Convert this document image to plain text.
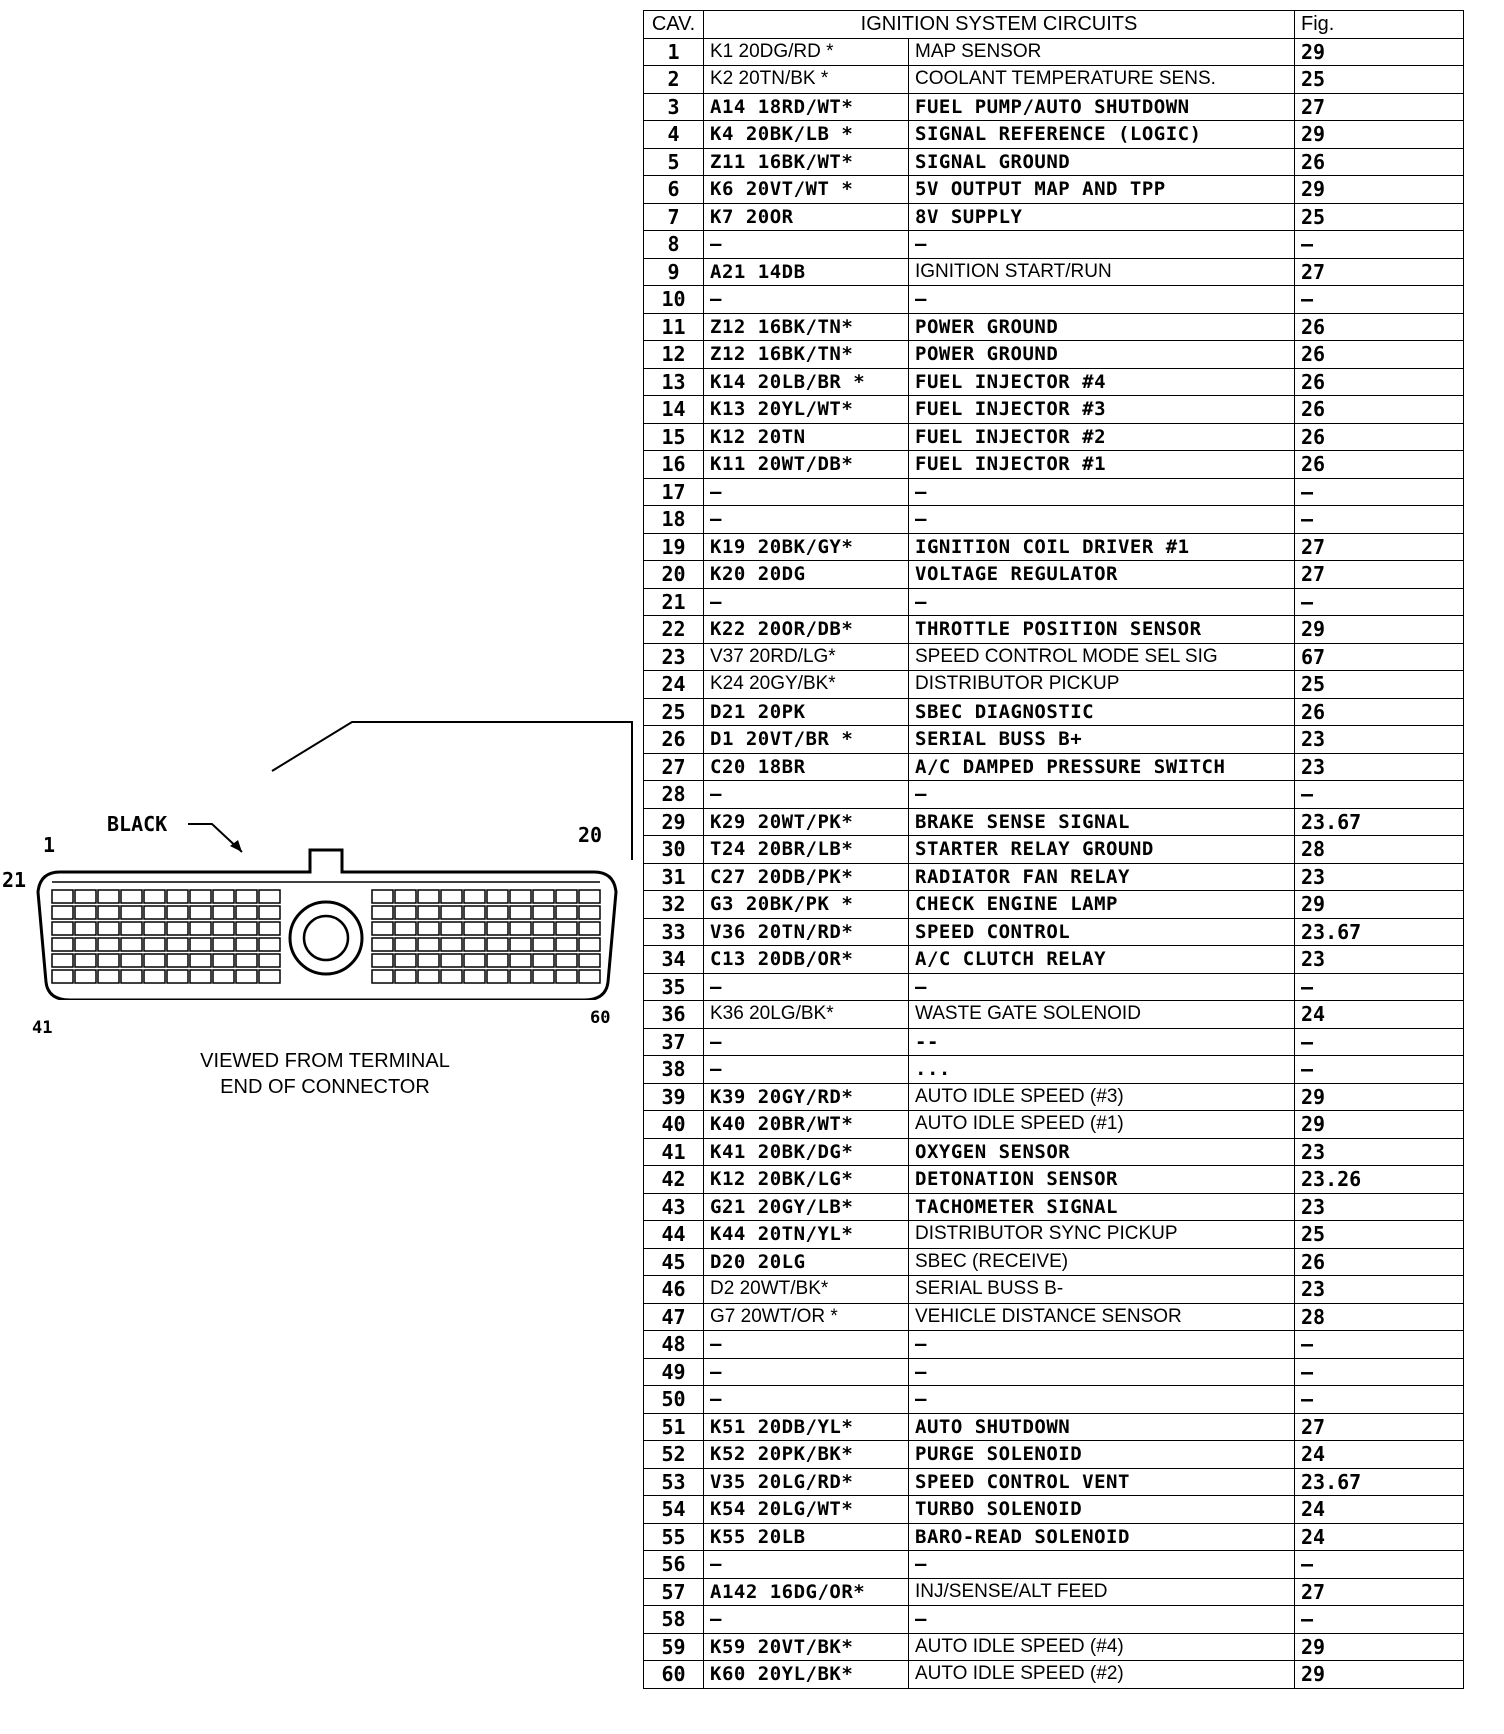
BLACK
1	20
21
41	60
VIEWED FROM TERMINAL
END OF CONNECTOR
CAV.	IGNITION SYSTEM CIRCUITS		Fig.
1	K1 20DG/RD *	MAP SENSOR	29
2	K2 20TN/BK *	COOLANT TEMPERATURE SENS.	25
3	A14 18RD/WT*	FUEL PUMP/AUTO SHUTDOWN	27
4	K4 20BK/LB *	SIGNAL REFERENCE (LOGIC)	29
5	Z11 16BK/WT*	SIGNAL GROUND	26
6	K6 20VT/WT *	5V OUTPUT MAP AND TPP	29
7	K7 20OR	8V SUPPLY	25
8	—	—	—
9	A21 14DB	IGNITION START/RUN	27
10	—	—	—
11	Z12 16BK/TN*	POWER GROUND	26
12	Z12 16BK/TN*	POWER GROUND	26
13	K14 20LB/BR *	FUEL INJECTOR #4	26
14	K13 20YL/WT*	FUEL INJECTOR #3	26
15	K12 20TN	FUEL INJECTOR #2	26
16	K11 20WT/DB*	FUEL INJECTOR #1	26
17	—	—	—
18	—	—	—
19	K19 20BK/GY*	IGNITION COIL DRIVER #1	27
20	K20 20DG	VOLTAGE REGULATOR	27
21	—	—	—
22	K22 20OR/DB*	THROTTLE POSITION SENSOR	29
23	V37 20RD/LG*	SPEED CONTROL MODE SEL SIG	67
24	K24 20GY/BK*	DISTRIBUTOR PICKUP	25
25	D21 20PK	SBEC DIAGNOSTIC	26
26	D1 20VT/BR *	SERIAL BUSS B+	23
27	C20 18BR	A/C DAMPED PRESSURE SWITCH	23
28	—	—	—
29	K29 20WT/PK*	BRAKE SENSE SIGNAL	23.67
30	T24 20BR/LB*	STARTER RELAY GROUND	28
31	C27 20DB/PK*	RADIATOR FAN RELAY	23
32	G3 20BK/PK *	CHECK ENGINE LAMP	29
33	V36 20TN/RD*	SPEED CONTROL	23.67
34	C13 20DB/OR*	A/C CLUTCH RELAY	23
35	—	—	—
36	K36 20LG/BK*	WASTE GATE SOLENOID	24
37	—	--	—
38	—	...	—
39	K39 20GY/RD*	AUTO IDLE SPEED (#3)	29
40	K40 20BR/WT*	AUTO IDLE SPEED (#1)	29
41	K41 20BK/DG*	OXYGEN SENSOR	23
42	K12 20BK/LG*	DETONATION SENSOR	23.26
43	G21 20GY/LB*	TACHOMETER SIGNAL	23
44	K44 20TN/YL*	DISTRIBUTOR SYNC PICKUP	25
45	D20 20LG	SBEC (RECEIVE)	26
46	D2 20WT/BK*	SERIAL BUSS B-	23
47	G7 20WT/OR *	VEHICLE DISTANCE SENSOR	28
48	—	—	—
49	—	—	—
50	—	—	—
51	K51 20DB/YL*	AUTO SHUTDOWN	27
52	K52 20PK/BK*	PURGE SOLENOID	24
53	V35 20LG/RD*	SPEED CONTROL VENT	23.67
54	K54 20LG/WT*	TURBO SOLENOID	24
55	K55 20LB	BARO-READ SOLENOID	24
56	—	—	—
57	A142 16DG/OR*	INJ/SENSE/ALT FEED	27
58	—	—	—
59	K59 20VT/BK*	AUTO IDLE SPEED (#4)	29
60	K60 20YL/BK*	AUTO IDLE SPEED (#2)	29
